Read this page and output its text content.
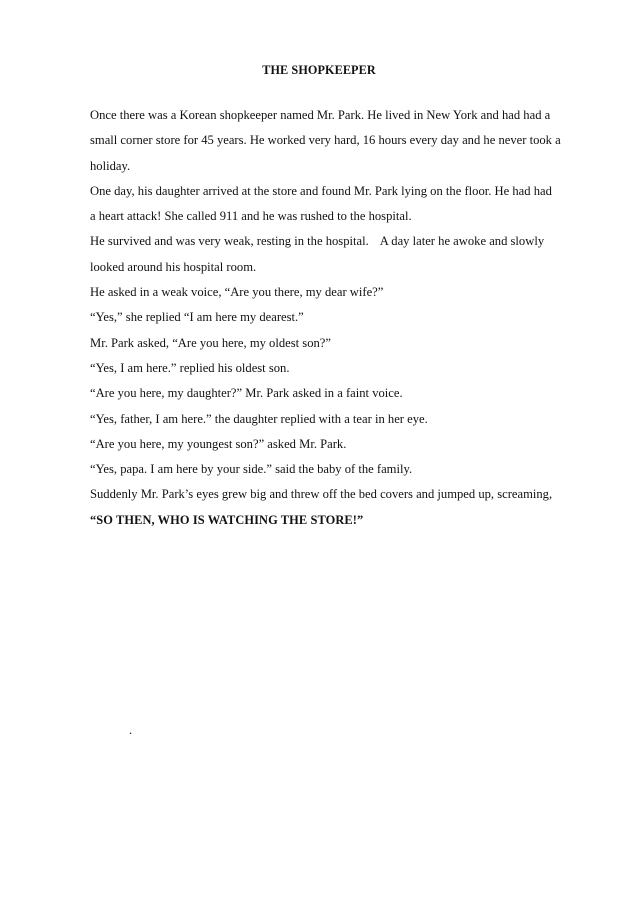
THE SHOPKEEPER

Once there was a Korean shopkeeper named Mr. Park. He lived in New York and had had a

small corner store for 45 years. He worked very hard, 16 hours every day and he never took a

holiday.

One day, his daughter arrived at the store and found Mr. Park lying on the floor. He had had

a heart attack! She called 911 and he was rushed to the hospital.

He survived and was very weak, resting in the hospital. A day later he awoke and slowly

looked around his hospital room.

He asked in a weak voice, “Are you there, my dear wife?”

“Yes,” she replied “I am here my dearest.”

Mr. Park asked, “Are you here, my oldest son?”

“Yes, I am here.” replied his oldest son.

“Are you here, my daughter?” Mr. Park asked in a faint voice.

“Yes, father, I am here.” the daughter replied with a tear in her eye.

“Are you here, my youngest son?” asked Mr. Park.

“Yes, papa. I am here by your side.” said the baby of the family.

Suddenly Mr. Park’s eyes grew big and threw off the bed covers and jumped up, screaming,

“SO THEN, WHO IS WATCHING THE STORE!”

.
